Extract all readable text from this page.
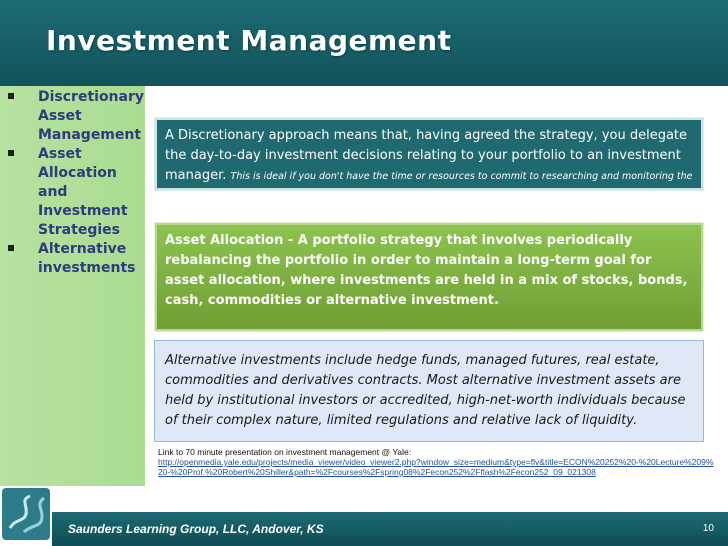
Investment Management
Discretionary Asset Management
Asset Allocation and Investment Strategies
Alternative investments
A Discretionary approach means that, having agreed the strategy, you delegate the day-to-day investment decisions relating to your portfolio to an investment manager. This is ideal if you don't have the time or resources to commit to researching and monitoring the global financial markets yourself.
Asset Allocation - A portfolio strategy that involves periodically rebalancing the portfolio in order to maintain a long-term goal for asset allocation, where investments are held in a mix of stocks, bonds, cash, commodities or alternative investment.
Alternative investments include hedge funds, managed futures, real estate, commodities and derivatives contracts. Most alternative investment assets are held by institutional investors or accredited, high-net-worth individuals because of their complex nature, limited regulations and relative lack of liquidity.
Link to 70 minute presentation on investment management @ Yale:
http://openmedia.yale.edu/projects/media_viewer/video_viewer2.php?window_size=medium&type=flv&title=ECON%20252%20-%20Lecture%209%20-%20Prof.%20Robert%20Shiller&path=%2Fcourses%2Fspring08%2Fecon252%2Fflash%2Fecon252_09_021308
Saunders Learning Group, LLC, Andover, KS	10
